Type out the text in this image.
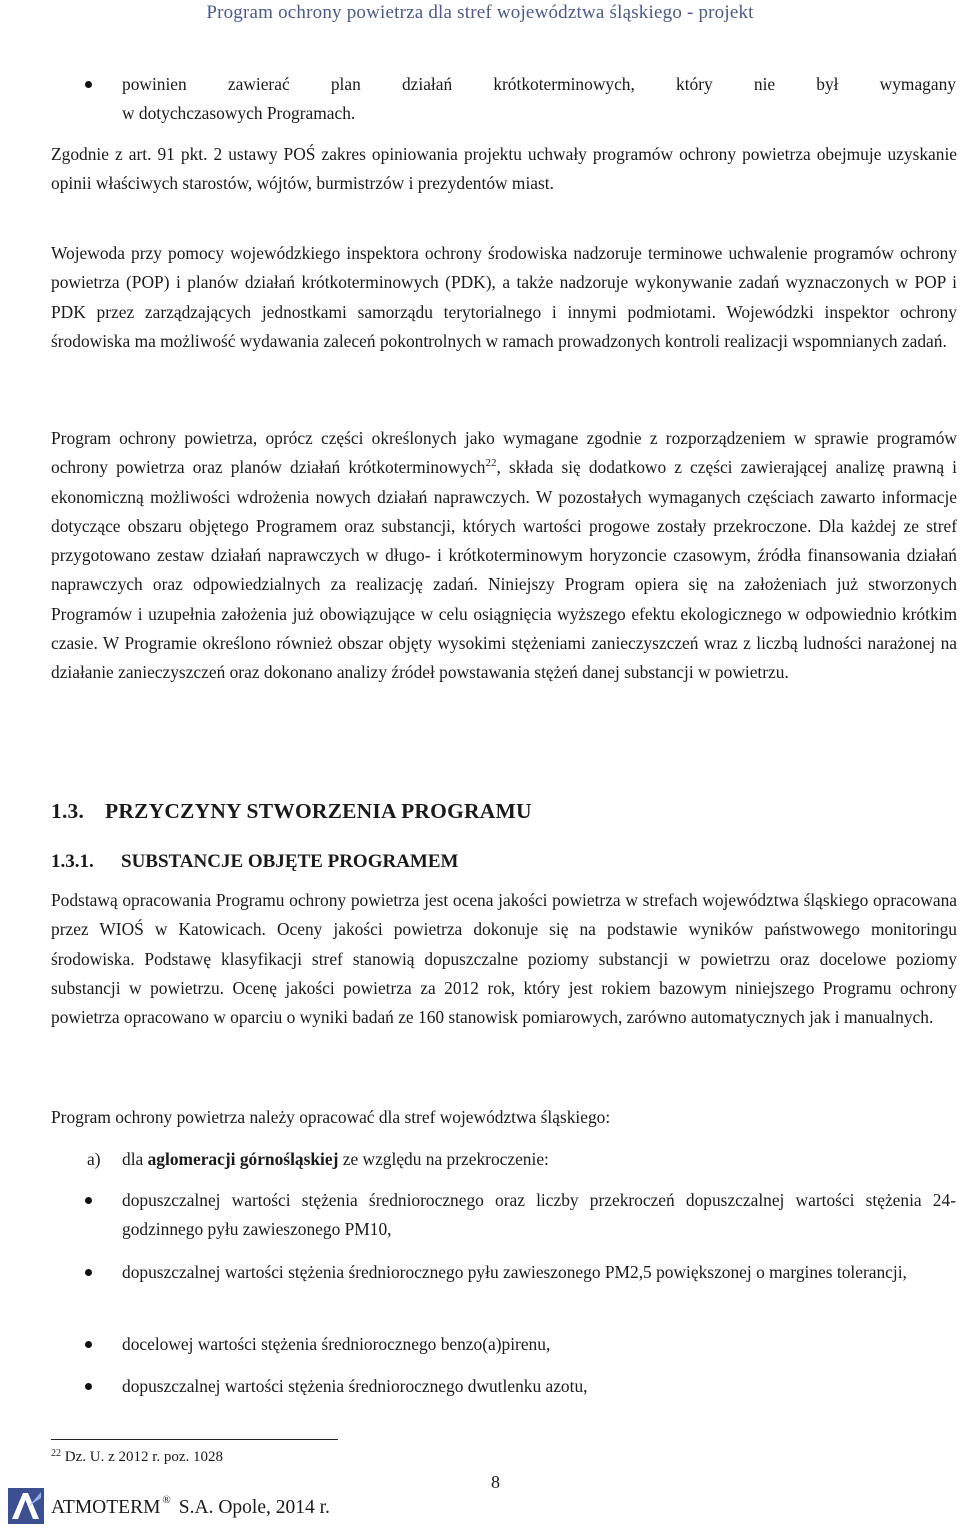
Program ochrony powietrza dla stref województwa śląskiego - projekt

powinien zawierać plan działań krótkoterminowych, który nie był wymagany

w dotychczasowych Programach.

Zgodnie z art. 91 pkt. 2 ustawy POŚ zakres opiniowania projektu uchwały programów ochrony powietrza obejmuje uzyskanie opinii właściwych starostów, wójtów, burmistrzów i prezydentów miast.

Wojewoda przy pomocy wojewódzkiego inspektora ochrony środowiska nadzoruje terminowe uchwalenie programów ochrony powietrza (POP) i planów działań krótkoterminowych (PDK), a także nadzoruje wykonywanie zadań wyznaczonych w POP i PDK przez zarządzających jednostkami samorządu terytorialnego i innymi podmiotami. Wojewódzki inspektor ochrony środowiska ma możliwość wydawania zaleceń pokontrolnych w ramach prowadzonych kontroli realizacji wspomnianych zadań.

Program ochrony powietrza, oprócz części określonych jako wymagane zgodnie z rozporządzeniem w sprawie programów ochrony powietrza oraz planów działań krótkoterminowych$^{22}$, składa się dodatkowo z części zawierającej analizę prawną i ekonomiczną możliwości wdrożenia nowych działań naprawczych. W pozostałych wymaganych częściach zawarto informacje dotyczące obszaru objętego Programem oraz substancji, których wartości progowe zostały przekroczone. Dla każdej ze stref przygotowano zestaw działań naprawczych w długo- i krótkoterminowym horyzoncie czasowym, źródła finansowania działań naprawczych oraz odpowiedzialnych za realizację zadań. Niniejszy Program opiera się na założeniach już stworzonych Programów i uzupełnia założenia już obowiązujące w celu osiągnięcia wyższego efektu ekologicznego w odpowiednio krótkim czasie. W Programie określono również obszar objęty wysokimi stężeniami zanieczyszczeń wraz z liczbą ludności narażonej na działanie zanieczyszczeń oraz dokonano analizy źródeł powstawania stężeń danej substancji w powietrzu.

1.3. PRZYCZYNY STWORZENIA PROGRAMU
1.3.1. SUBSTANCJE OBJĘTE PROGRAMEM

Podstawą opracowania Programu ochrony powietrza jest ocena jakości powietrza w strefach województwa śląskiego opracowana przez WIOŚ w Katowicach. Oceny jakości powietrza dokonuje się na podstawie wyników państwowego monitoringu środowiska. Podstawę klasyfikacji stref stanowią dopuszczalne poziomy substancji w powietrzu oraz docelowe poziomy substancji w powietrzu. Ocenę jakości powietrza za 2012 rok, który jest rokiem bazowym niniejszego Programu ochrony powietrza opracowano w oparciu o wyniki badań ze 160 stanowisk pomiarowych, zarówno automatycznych jak i manualnych.

Program ochrony powietrza należy opracować dla stref województwa śląskiego:

a) dla aglomeracji górnośląskiej ze względu na przekroczenie:

dopuszczalnej wartości stężenia średniorocznego oraz liczby przekroczeń dopuszczalnej wartości stężenia 24-godzinnego pyłu zawieszonego PM10,

dopuszczalnej wartości stężenia średniorocznego pyłu zawieszonego PM2,5 powiększonej o margines tolerancji,

docelowej wartości stężenia średniorocznego benzo(a)pirenu,

dopuszczalnej wartości stężenia średniorocznego dwutlenku azotu,

$^{22}$ Dz. U. z 2012 r. poz. 1028
8
ATMOTERM ® S.A. Opole, 2014 r.
